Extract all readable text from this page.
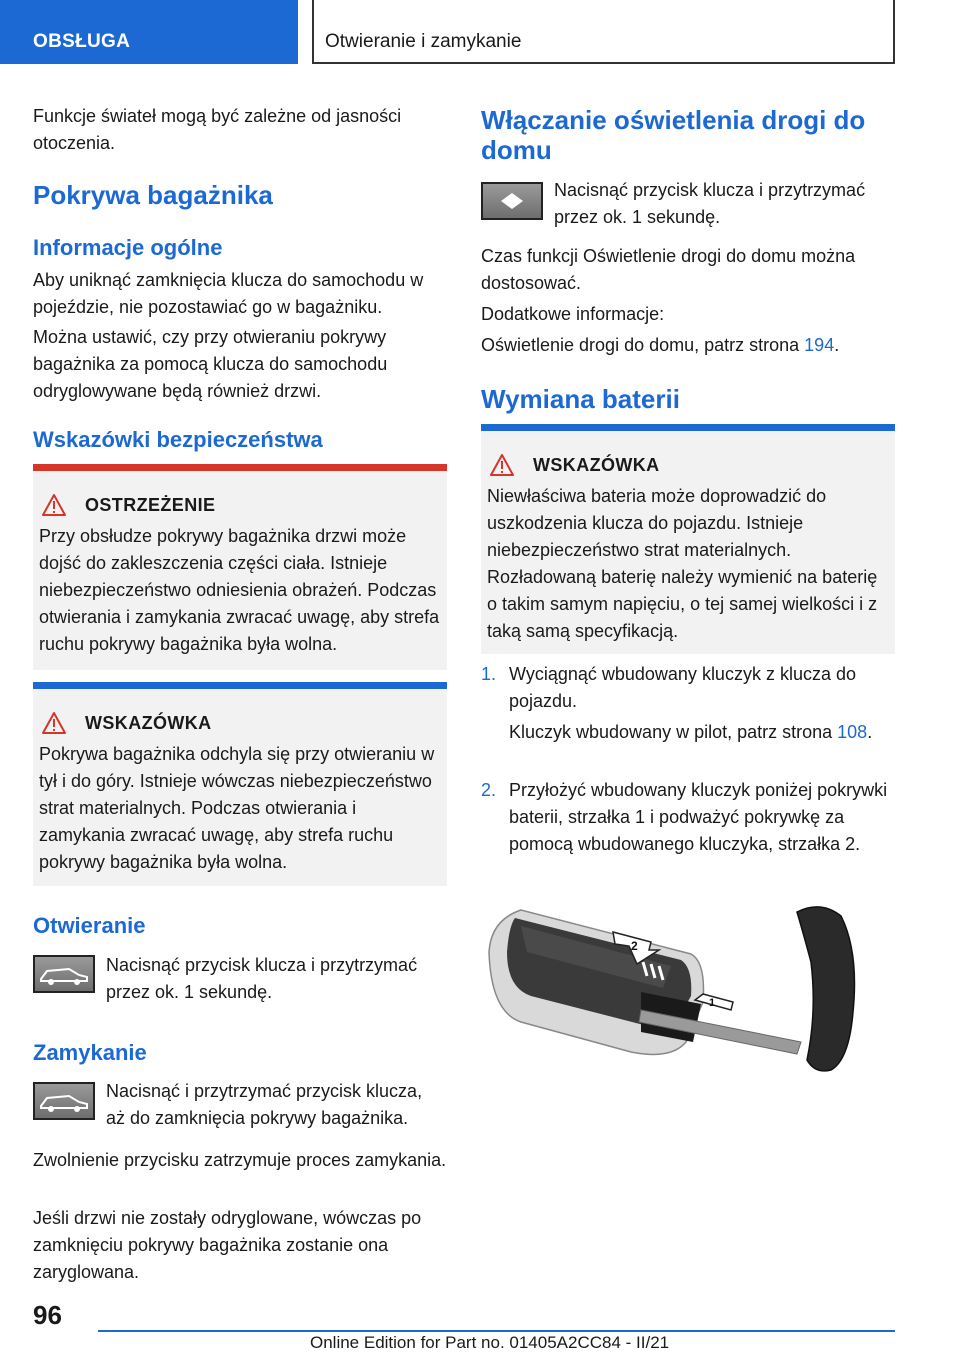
OBSŁUGA	Otwieranie i zamykanie

Funkcje świateł mogą być zależne od jasności otoczenia.

Pokrywa bagażnika
Informacje ogólne

Aby uniknąć zamknięcia klucza do samochodu w pojeździe, nie pozostawiać go w bagażniku.

Można ustawić, czy przy otwieraniu pokrywy bagażnika za pomocą klucza do samochodu odryglowywane będą również drzwi.

Wskazówki bezpieczeństwa
OSTRZEŻENIE

Przy obsłudze pokrywy bagażnika drzwi może dojść do zakleszczenia części ciała. Istnieje niebezpieczeństwo odniesienia obrażeń. Podczas otwierania i zamykania zwracać uwagę, aby strefa ruchu pokrywy bagażnika była wolna.

WSKAZÓWKA

Pokrywa bagażnika odchyla się przy otwieraniu w tył i do góry. Istnieje wówczas niebezpieczeństwo strat materialnych. Podczas otwierania i zamykania zwracać uwagę, aby strefa ruchu pokrywy bagażnika była wolna.

Otwieranie

Nacisnąć przycisk klucza i przytrzymać przez ok. 1 sekundę.

Zamykanie

Nacisnąć i przytrzymać przycisk klucza, aż do zamknięcia pokrywy bagażnika.

Zwolnienie przycisku zatrzymuje proces zamykania.

Jeśli drzwi nie zostały odryglowane, wówczas po zamknięciu pokrywy bagażnika zostanie ona zaryglowana.

Włączanie oświetlenia drogi do domu

Nacisnąć przycisk klucza i przytrzymać przez ok. 1 sekundę.

Czas funkcji Oświetlenie drogi do domu można dostosować.

Dodatkowe informacje:

Oświetlenie drogi do domu, patrz strona 194.

Wymiana baterii
WSKAZÓWKA

Niewłaściwa bateria może doprowadzić do uszkodzenia klucza do pojazdu. Istnieje niebezpieczeństwo strat materialnych. Rozładowaną baterię należy wymienić na baterię o takim samym napięciu, o tej samej wielkości i z taką samą specyfikacją.

1. Wyciągnąć wbudowany kluczyk z klucza do pojazdu.

Kluczyk wbudowany w pilot, patrz strona 108.

2. Przyłożyć wbudowany kluczyk poniżej pokrywki baterii, strzałka 1 i podważyć pokrywkę za pomocą wbudowanego kluczyka, strzałka 2.

2
1
96
Online Edition for Part no. 01405A2CC84 - II/21
